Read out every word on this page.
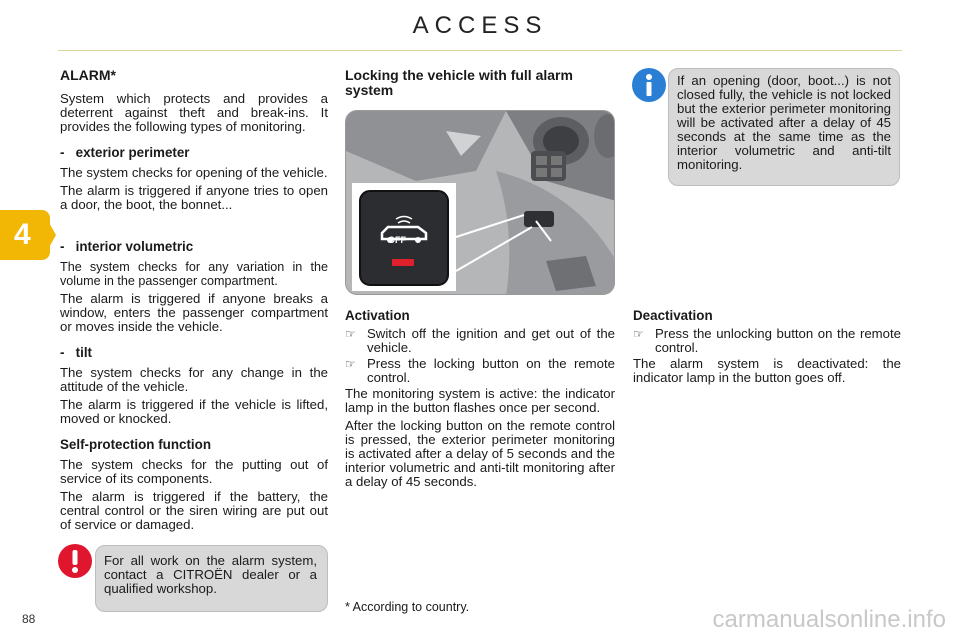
ACCESS
4
ALARM*

System which protects and provides a deterrent against theft and break-ins. It provides the following types of monitoring.

- exterior perimeter

The system checks for opening of the vehicle.

The alarm is triggered if anyone tries to open a door, the boot, the bonnet...

- interior volumetric

The system checks for any variation in the volume in the passenger compartment.

The alarm is triggered if anyone breaks a window, enters the passenger compartment or moves inside the vehicle.

- tilt

The system checks for any change in the attitude of the vehicle.

The alarm is triggered if the vehicle is lifted, moved or knocked.

Self-protection function

The system checks for the putting out of service of its components.

The alarm is triggered if the battery, the central control or the siren wiring are put out of service or damaged.

For all work on the alarm system, contact a CITROËN dealer or a qualified workshop.
Locking the vehicle with full alarm system
OFF
Activation
☞ Switch off the ignition and get out of the vehicle.
☞ Press the locking button on the remote control.

The monitoring system is active: the indicator lamp in the button flashes once per second.

After the locking button on the remote control is pressed, the exterior perimeter monitoring is activated after a delay of 5 seconds and the interior volumetric and anti-tilt monitoring after a delay of 45 seconds.

* According to country.
If an opening (door, boot...) is not closed fully, the vehicle is not locked but the exterior perimeter monitoring will be activated after a delay of 45 seconds at the same time as the interior volumetric and anti-tilt monitoring.
Deactivation
☞ Press the unlocking button on the remote control.

The alarm system is deactivated: the indicator lamp in the button goes off.

88	carmanualsonline.info
